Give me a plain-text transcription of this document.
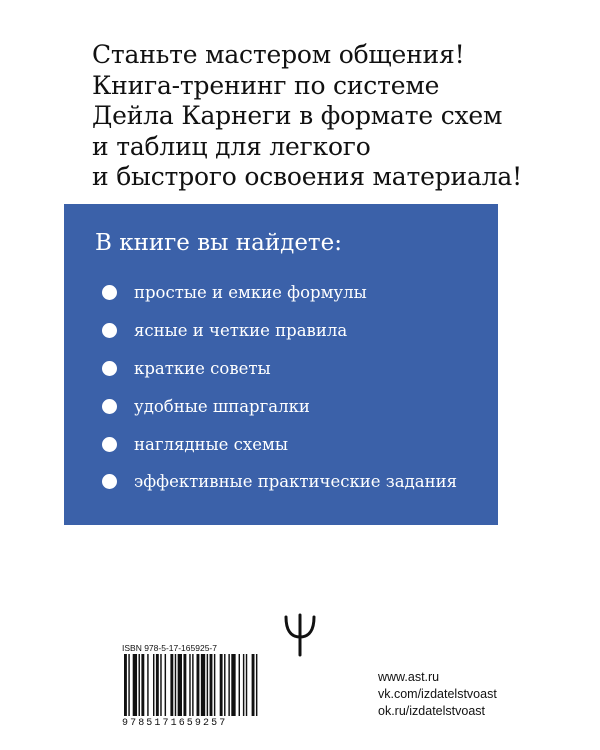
Станьте мастером общения!
Книга-тренинг по системе
Дейла Карнеги в формате схем
и таблиц для легкого
и быстрого освоения материала!
В книге вы найдете:
простые и емкие формулы
ясные и четкие правила
краткие советы
удобные шпаргалки
наглядные схемы
эффективные практические задания
ISBN 978-5-17-165925-7
9785171659257
www.ast.ru
vk.com/izdatelstvoast
ok.ru/izdatelstvoast
